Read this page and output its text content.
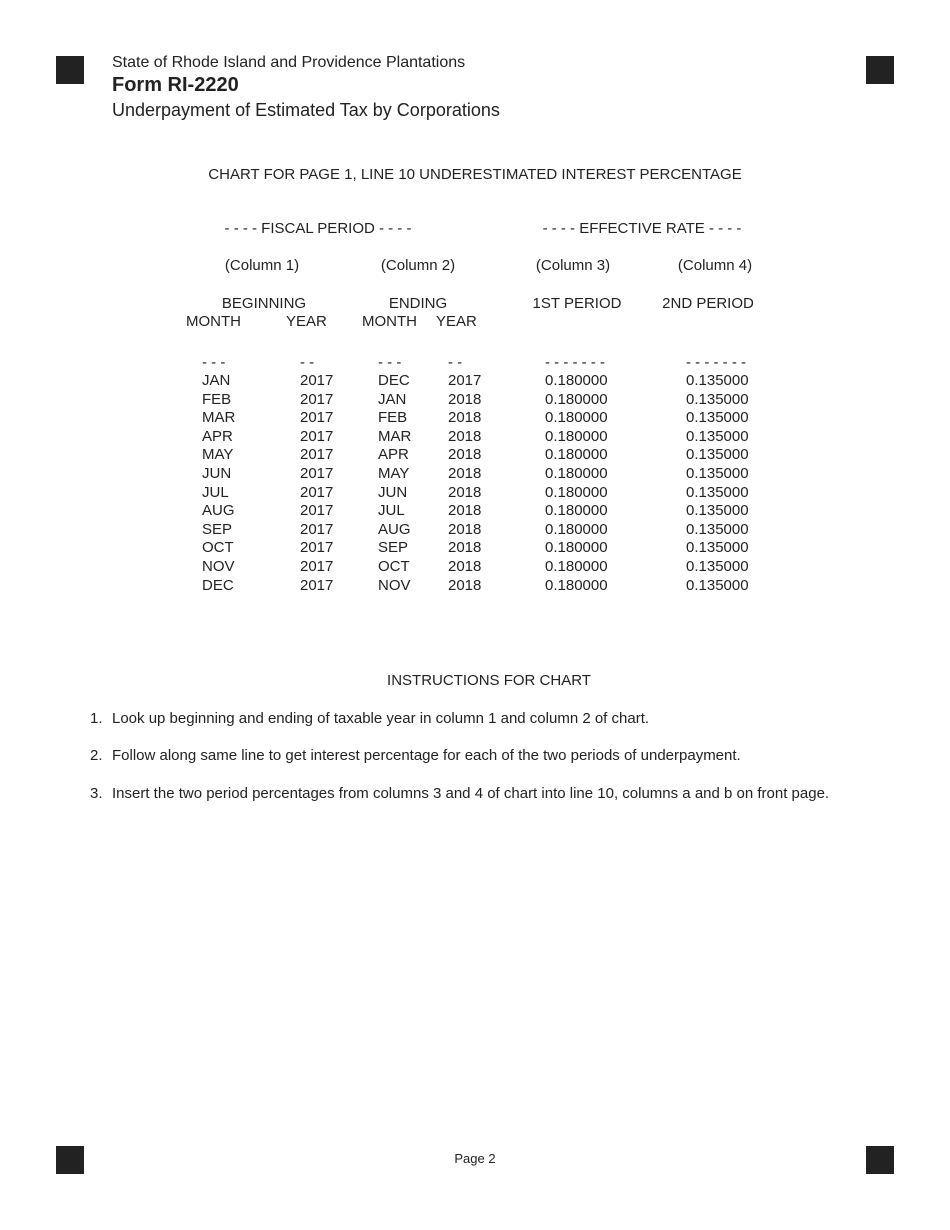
State of Rhode Island and Providence Plantations
Form RI-2220
Underpayment of Estimated Tax by Corporations
CHART FOR PAGE 1, LINE 10 UNDERESTIMATED INTEREST PERCENTAGE
- - - - FISCAL PERIOD - - - -	- - - - EFFECTIVE RATE - - - -
(Column 1)	(Column 2)	(Column 3)	(Column 4)
BEGINNING	ENDING	1ST PERIOD	2ND PERIOD
MONTH	YEAR MONTH YEAR
- - -	- -	- - -	- -	- - - - - - -	- - - - - - -
JAN	2017	DEC	2017	0.180000	0.135000
FEB	2017	JAN	2018	0.180000	0.135000
MAR	2017	FEB	2018	0.180000	0.135000
APR	2017	MAR 2018	0.180000	0.135000
MAY	2017	APR	2018	0.180000	0.135000
JUN	2017	MAY	2018	0.180000	0.135000
JUL	2017	JUN	2018	0.180000	0.135000
AUG	2017	JUL	2018	0.180000	0.135000
SEP	2017	AUG 2018	0.180000	0.135000
OCT	2017	SEP	2018	0.180000	0.135000
NOV	2017	OCT	2018	0.180000	0.135000
DEC	2017	NOV 2018	0.180000	0.135000
INSTRUCTIONS FOR CHART
1. Look up beginning and ending of taxable year in column 1 and column 2 of chart.
2. Follow along same line to get interest percentage for each of the two periods of underpayment.
3. Insert the two period percentages from columns 3 and 4 of chart into line 10, columns a and b on front page.
Page 2
